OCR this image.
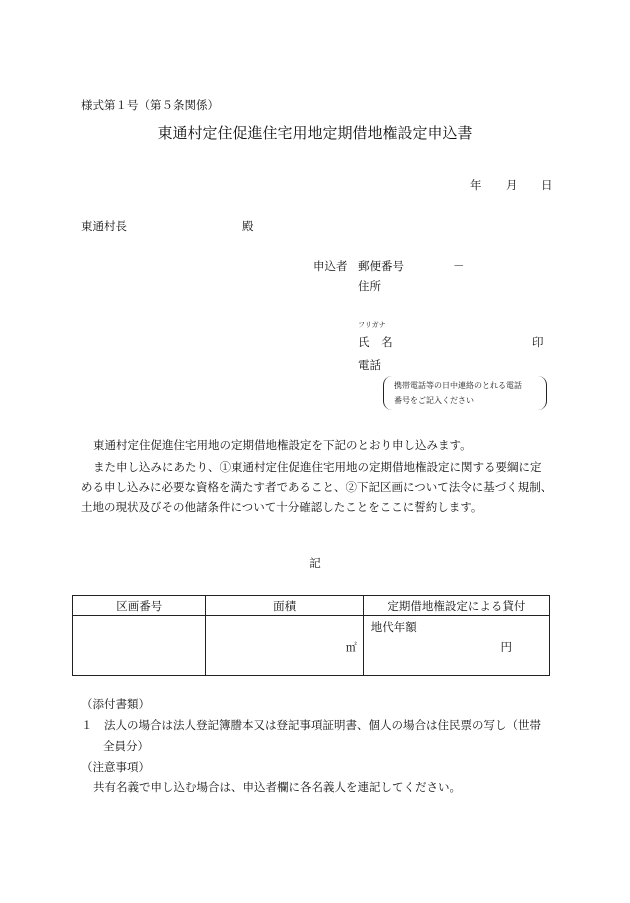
様式第１号（第５条関係）
東通村定住促進住宅用地定期借地権設定申込書
年 月 日
東通村長	殿
申込者 郵便番号	－
住所
フリガナ
氏 名	印
電話
携帯電話等の日中連絡のとれる電話
番号をご記入ください
東通村定住促進住宅用地の定期借地権設定を下記のとおり申し込みます。
また申し込みにあたり、①東通村定住促進住宅用地の定期借地権設定に関する要綱に定
める申し込みに必要な資格を満たす者であること、②下記区画について法令に基づく規制、
土地の現状及びその他諸条件について十分確認したことをここに誓約します。
記
区画番号	面積	定期借地権設定による貸付

	㎡	地代年額
円
（添付書類）
１　法人の場合は法人登記簿謄本又は登記事項証明書、個人の場合は住民票の写し（世帯
全員分）
（注意事項）
共有名義で申し込む場合は、申込者欄に各名義人を連記してください。
